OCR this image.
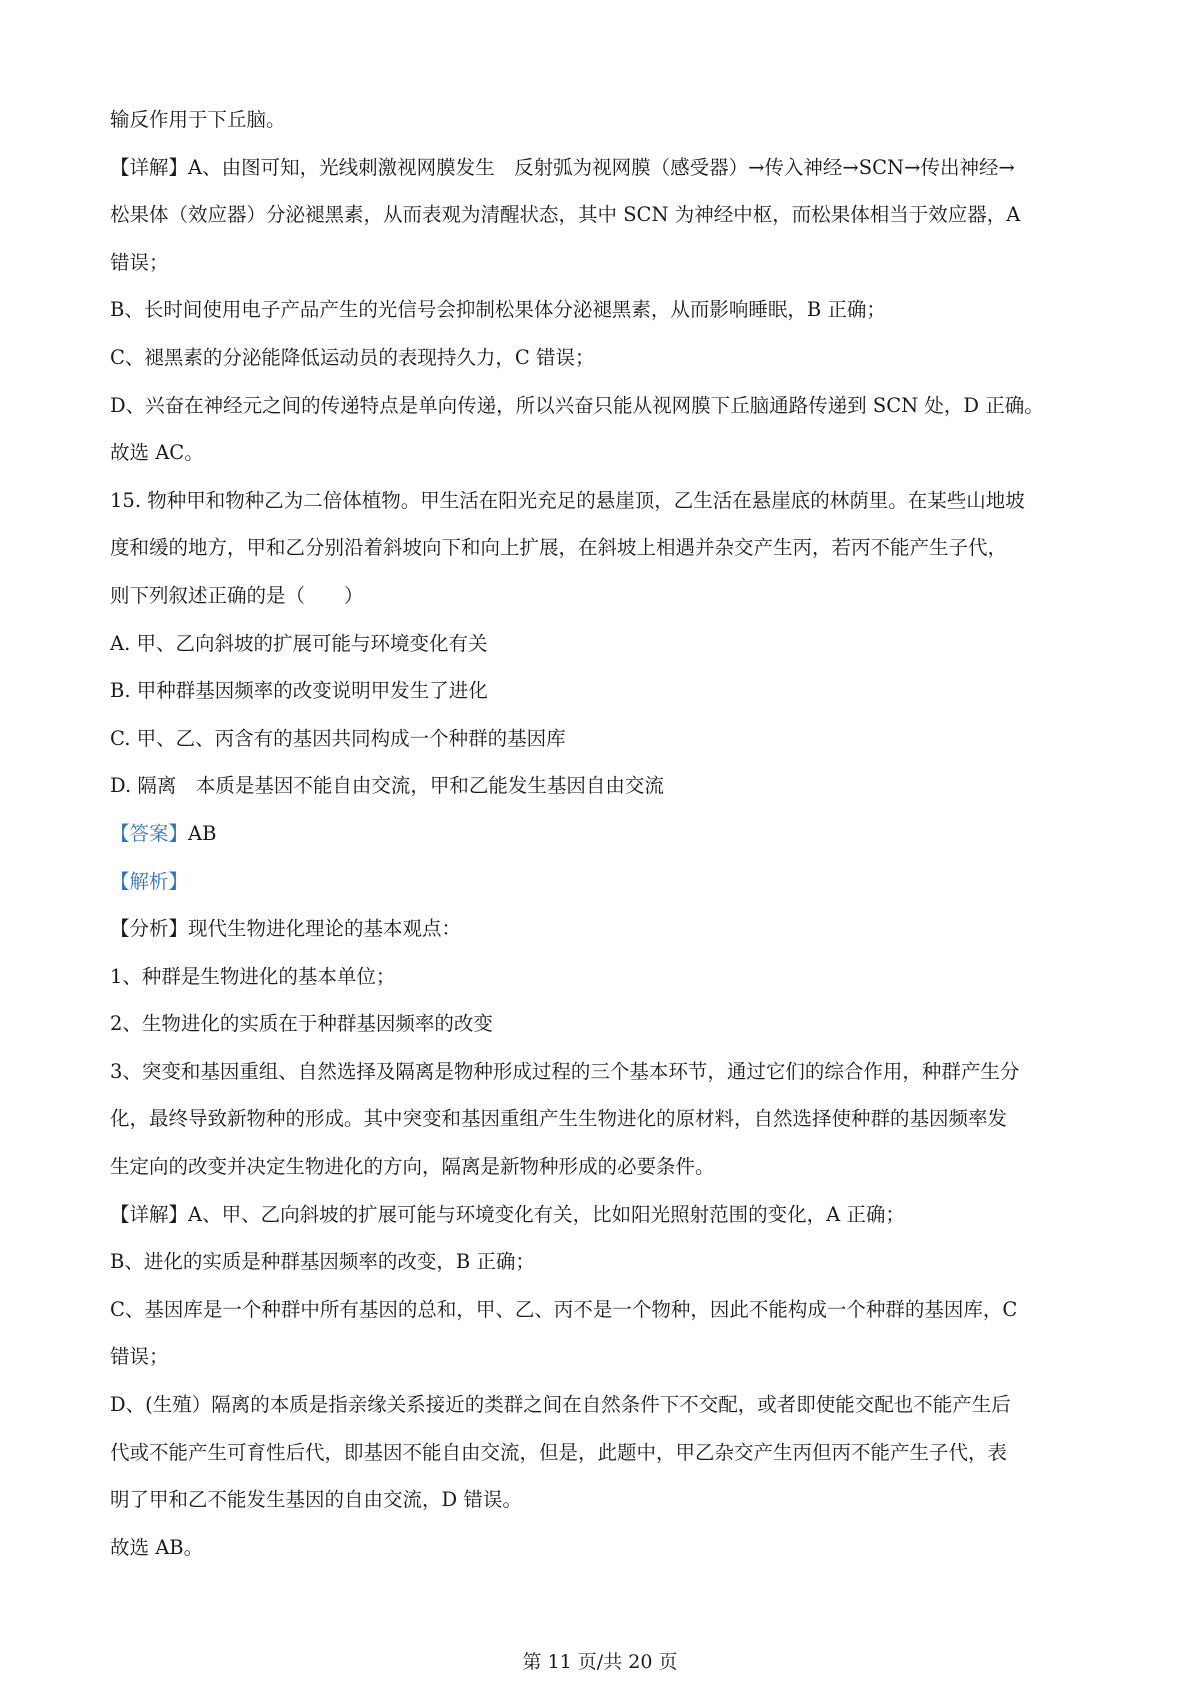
输反作用于下丘脑。
【详解】A、由图可知，光线刺激视网膜发生　反射弧为视网膜（感受器）→传入神经→SCN→传出神经→
松果体（效应器）分泌褪黑素，从而表观为清醒状态，其中 SCN 为神经中枢，而松果体相当于效应器，A
错误；
B、长时间使用电子产品产生的光信号会抑制松果体分泌褪黑素，从而影响睡眠，B 正确；
C、褪黑素的分泌能降低运动员的表现持久力，C 错误；
D、兴奋在神经元之间的传递特点是单向传递，所以兴奋只能从视网膜下丘脑通路传递到 SCN 处，D 正确。
故选 AC。
15. 物种甲和物种乙为二倍体植物。甲生活在阳光充足的悬崖顶，乙生活在悬崖底的林荫里。在某些山地坡
度和缓的地方，甲和乙分别沿着斜坡向下和向上扩展，在斜坡上相遇并杂交产生丙，若丙不能产生子代，
则下列叙述正确的是（　　）
A. 甲、乙向斜坡的扩展可能与环境变化有关
B. 甲种群基因频率的改变说明甲发生了进化
C. 甲、乙、丙含有的基因共同构成一个种群的基因库
D. 隔离　本质是基因不能自由交流，甲和乙能发生基因自由交流
【答案】AB
【解析】
【分析】现代生物进化理论的基本观点：
1、种群是生物进化的基本单位；
2、生物进化的实质在于种群基因频率的改变
3、突变和基因重组、自然选择及隔离是物种形成过程的三个基本环节，通过它们的综合作用，种群产生分
化，最终导致新物种的形成。其中突变和基因重组产生生物进化的原材料，自然选择使种群的基因频率发
生定向的改变并决定生物进化的方向，隔离是新物种形成的必要条件。
【详解】A、甲、乙向斜坡的扩展可能与环境变化有关，比如阳光照射范围的变化，A 正确；
B、进化的实质是种群基因频率的改变，B 正确；
C、基因库是一个种群中所有基因的总和，甲、乙、丙不是一个物种，因此不能构成一个种群的基因库，C
错误；
D、(生殖）隔离的本质是指亲缘关系接近的类群之间在自然条件下不交配，或者即使能交配也不能产生后
代或不能产生可育性后代，即基因不能自由交流，但是，此题中，甲乙杂交产生丙但丙不能产生子代，表
明了甲和乙不能发生基因的自由交流，D 错误。
故选 AB。
第 11 页/共 20 页
